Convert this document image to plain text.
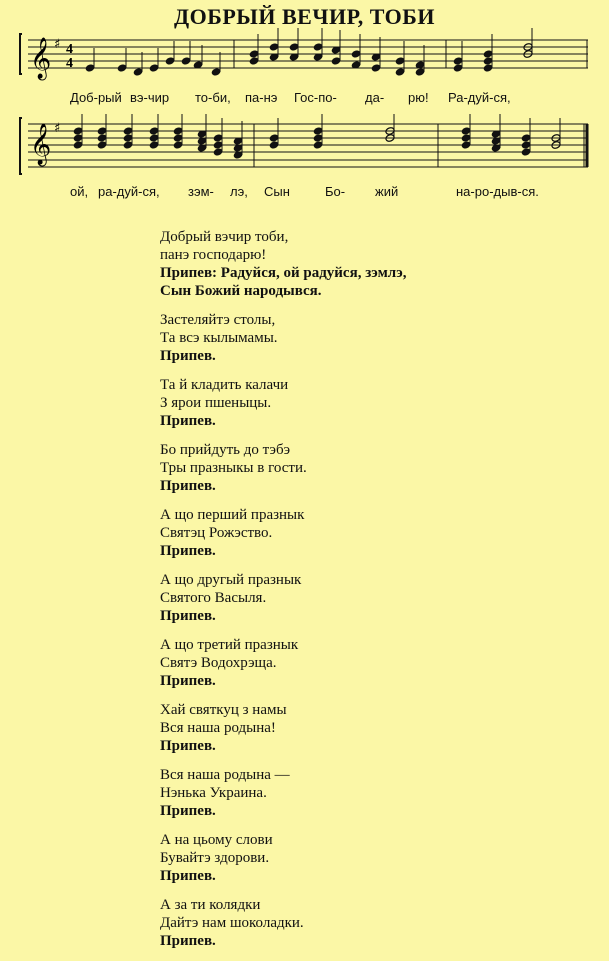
ДОБРЫЙ ВЕЧИР, ТОБИ
𝄞 ♯ 4
4
Доб-рый вэ-чир то-би, па-нэ Гос-по- да- рю! Ра-дуй-ся,
𝄞 ♯
ой, ра-дуй-ся, зэм- лэ, Сын	Бо- жий	на-ро-дыв-ся.
Добрый вэчир тоби,
панэ господарю!
Припев: Радуйся, ой радуйся, зэмлэ,
Сын Божий народывся.
Застеляйтэ столы,
Та всэ кылымамы.
Припев.
Та й кладить калачи
З ярои пшеныцы.
Припев.
Бо прийдуть до тэбэ
Тры празныкы в гости.
Припев.
А що перший празнык
Святэц Рожэство.
Припев.
А що другый празнык
Святого Васыля.
Припев.
А що третий празнык
Святэ Водохрэща.
Припев.
Хай святкуц з намы
Вся наша родына!
Припев.
Вся наша родына —
Нэнька Украина.
Припев.
А на цьому слови
Бувайтэ здорови.
Припев.
А за ти колядки
Дайтэ нам шоколадки.
Припев.
